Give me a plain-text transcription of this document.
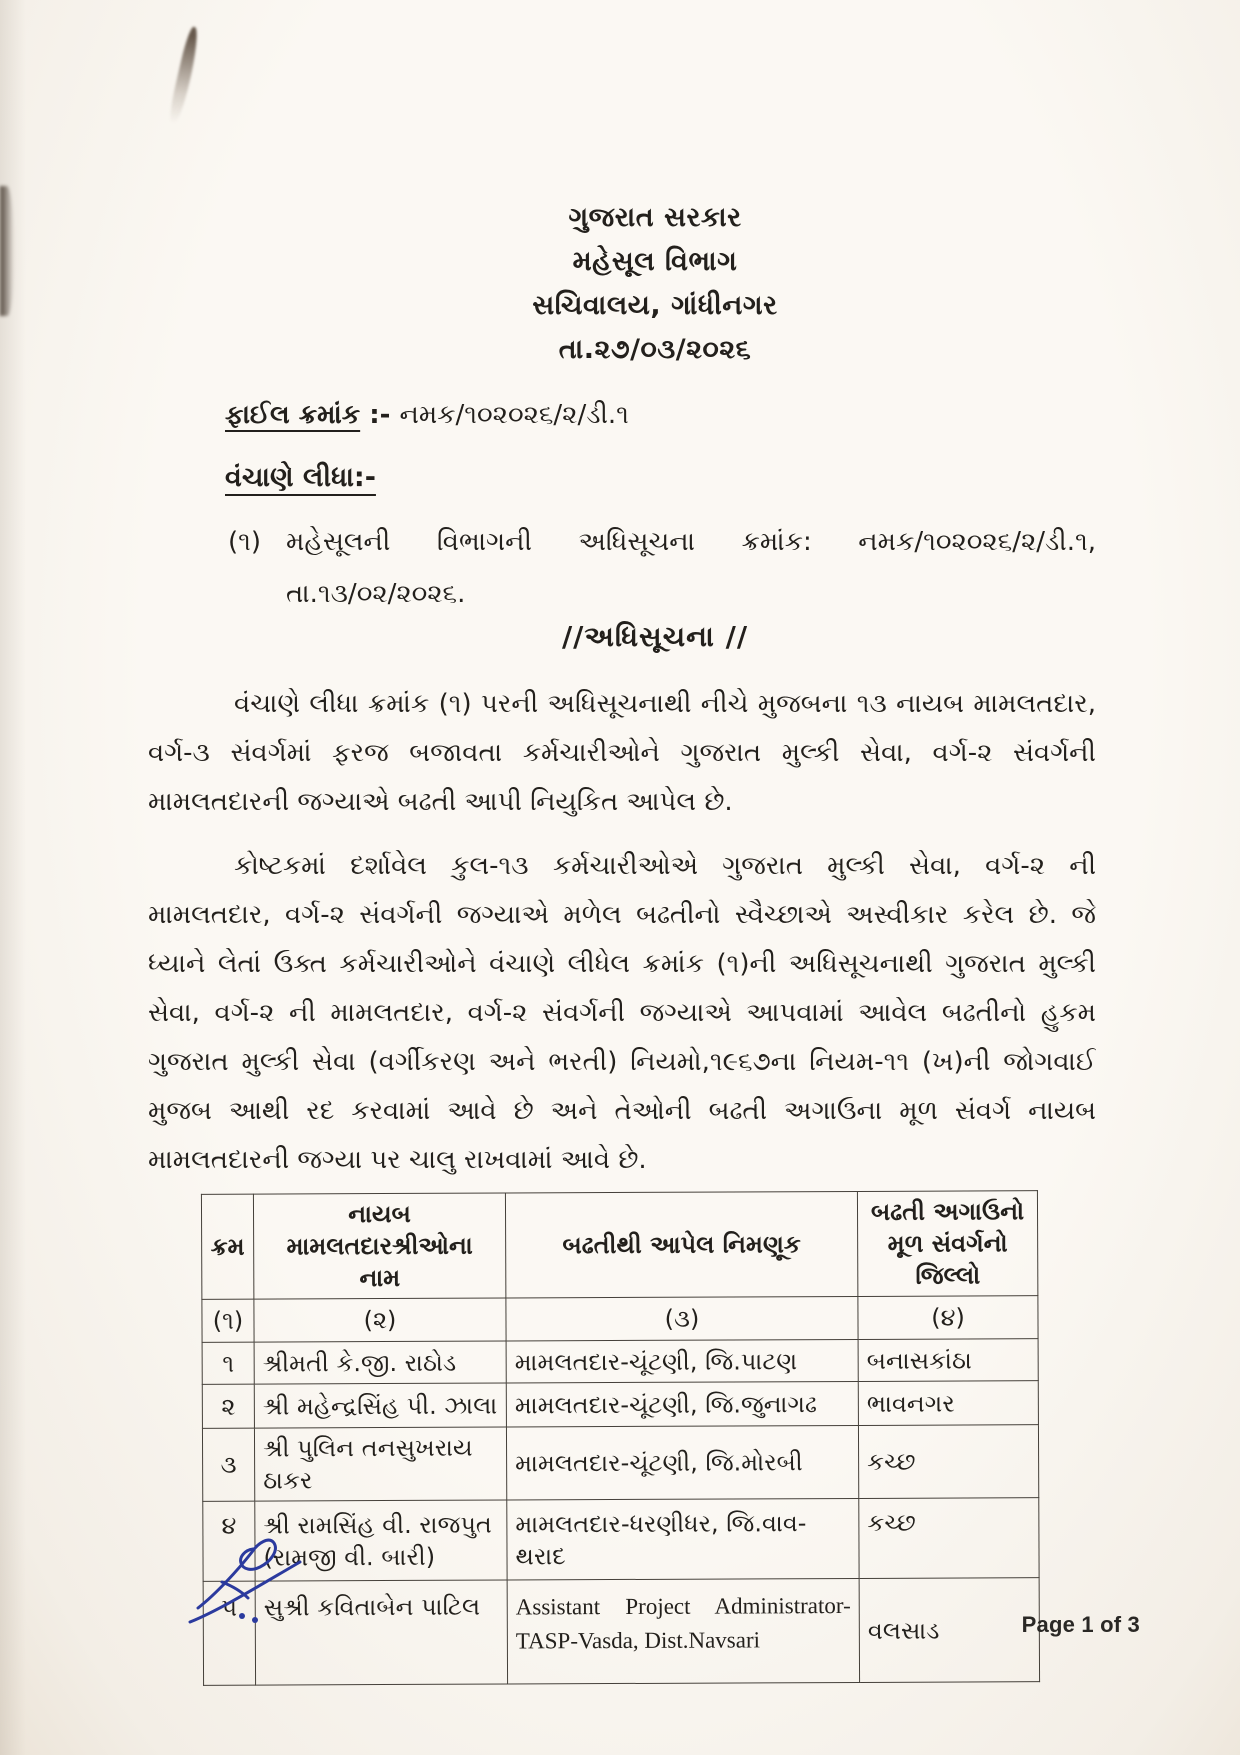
ગુજરાત સરકાર
મહેસૂલ વિભાગ
સચિવાલય, ગાંધીનગર
તા.૨૭/૦૩/૨૦૨૬
ફાઈલ ક્રમાંક :- નમક/૧૦૨૦૨૬/૨/ડી.૧
વંચાણે લીધા:-
(૧) મહેસૂલની વિભાગની અધિસૂચના ક્રમાંક: નમક/૧૦૨૦૨૬/૨/ડી.૧,
તા.૧૩/૦૨/૨૦૨૬.
//અધિસૂચના //

વંચાણે લીધા ક્રમાંક (૧) પરની અધિસૂચનાથી નીચે મુજબના ૧૩ નાયબ મામલતદાર, વર્ગ-૩ સંવર્ગમાં ફરજ બજાવતા કર્મચારીઓને ગુજરાત મુલ્કી સેવા, વર્ગ-૨ સંવર્ગની મામલતદારની જગ્યાએ બઢતી આપી નિયુકિત આપેલ છે.

કોષ્ટકમાં દર્શાવેલ કુલ-૧૩ કર્મચારીઓએ ગુજરાત મુલ્કી સેવા, વર્ગ-૨ ની મામલતદાર, વર્ગ-૨ સંવર્ગની જગ્યાએ મળેલ બઢતીનો સ્વૈચ્છાએ અસ્વીકાર કરેલ છે. જે ધ્યાને લેતાં ઉક્ત કર્મચારીઓને વંચાણે લીધેલ ક્રમાંક (૧)ની અધિસૂચનાથી ગુજરાત મુલ્કી સેવા, વર્ગ-૨ ની મામલતદાર, વર્ગ-૨ સંવર્ગની જગ્યાએ આપવામાં આવેલ બઢતીનો હુકમ ગુજરાત મુલ્કી સેવા (વર્ગીકરણ અને ભરતી) નિયમો,૧૯૬૭ના નિયમ-૧૧ (ખ)ની જોગવાઈ મુજબ આથી રદ કરવામાં આવે છે અને તેઓની બઢતી અગાઉના મૂળ સંવર્ગ નાયબ મામલતદારની જગ્યા પર ચાલુ રાખવામાં આવે છે.

ક્રમ	નાયબ મામલતદારશ્રીઓના નામ	બઢતીથી આપેલ નિમણૂક	બઢતી અગાઉનો મૂળ સંવર્ગનો જિલ્લો
(૧)	(૨)	(૩)	(૪)
૧	શ્રીમતી કે.જી. રાઠોડ	મામલતદાર-ચૂંટણી, જિ.પાટણ	બનાસકાંઠા
૨	શ્રી મહેન્દ્રસિંહ પી. ઝાલા	મામલતદાર-ચૂંટણી, જિ.જુનાગઢ	ભાવનગર
૩	શ્રી પુલિન તનસુખરાય ઠાકર	મામલતદાર-ચૂંટણી, જિ.મોરબી	કચ્છ
૪	શ્રી રામસિંહ વી. રાજપુત
(રામજી વી. બારી)	મામલતદાર-ધરણીધર, જિ.વાવ-થરાદ	કચ્છ
૫	સુશ્રી કવિતાબેન પાટિલ	Assistant Project Administrator- TASP-Vasda, Dist.Navsari	વલસાડ	Page 1 of 3
